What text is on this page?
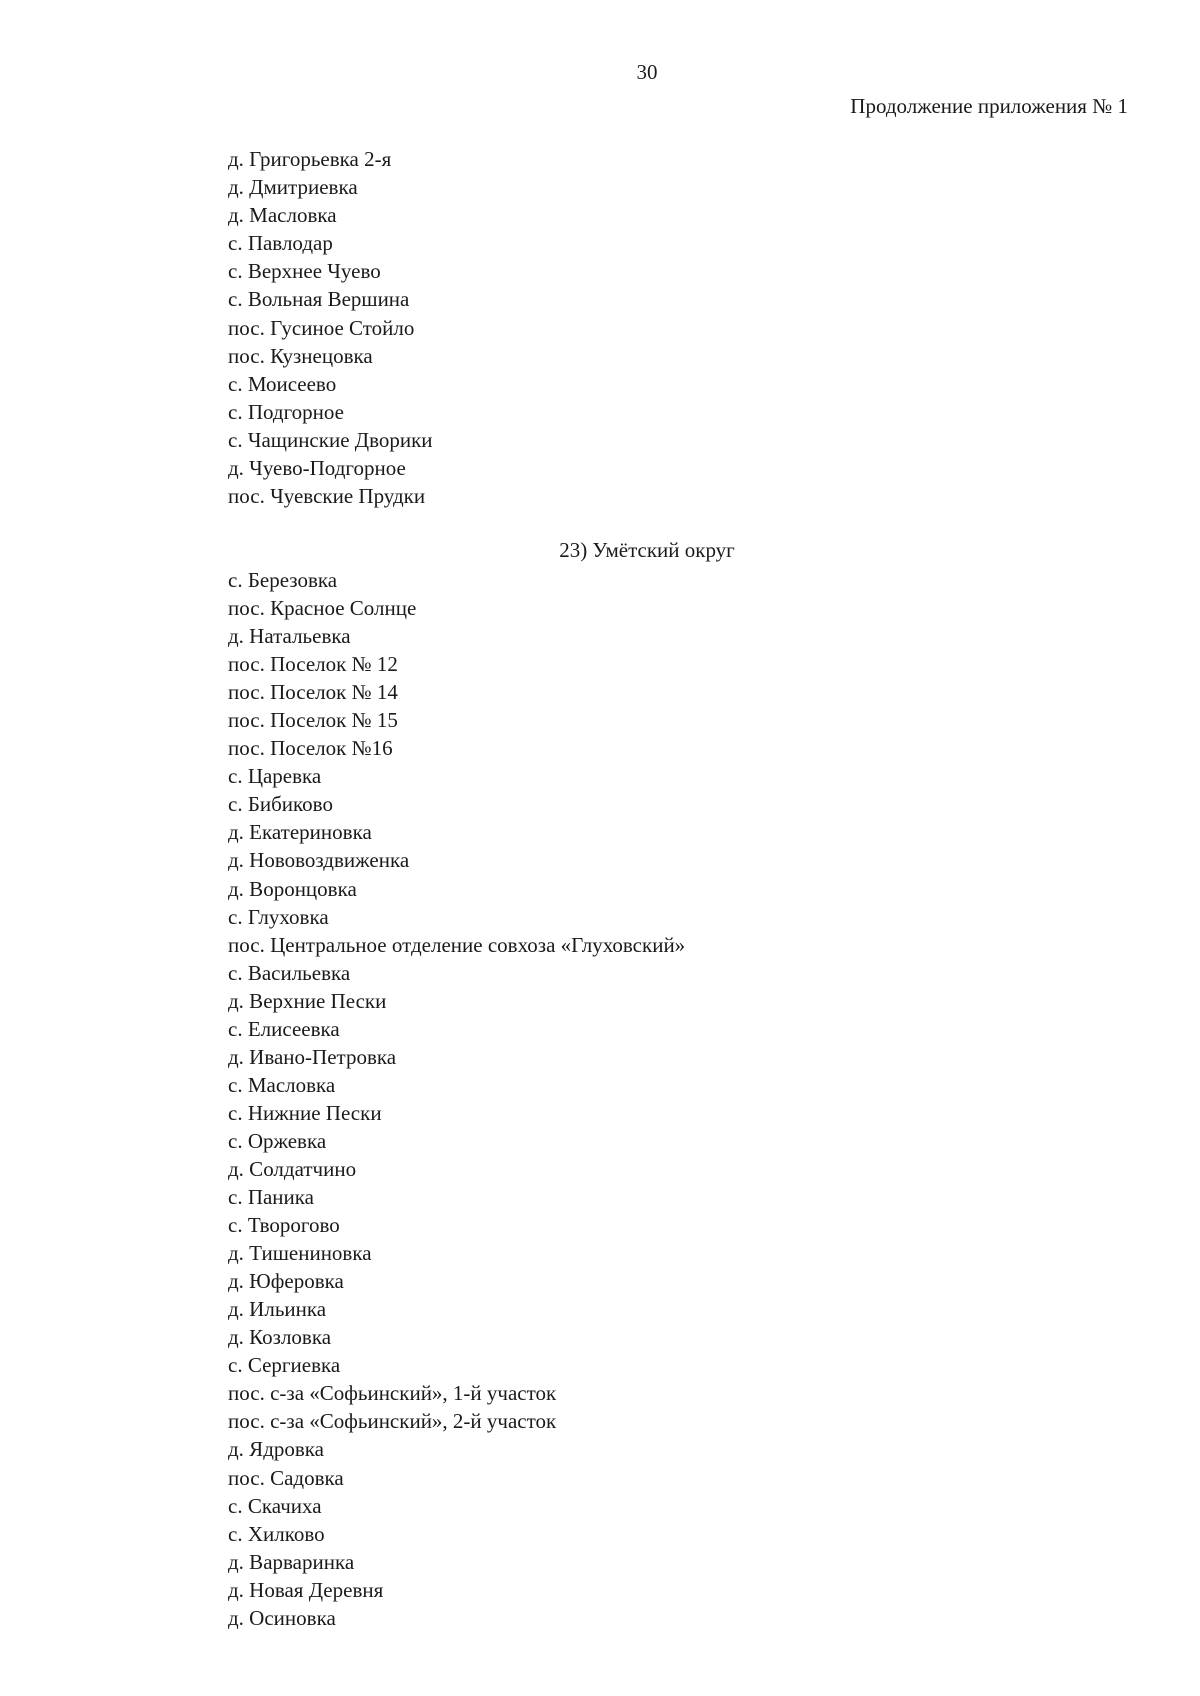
30
Продолжение приложения № 1
д. Григорьевка 2-я
д. Дмитриевка
д. Масловка
с. Павлодар
с. Верхнее Чуево
с. Вольная Вершина
пос. Гусиное Стойло
пос. Кузнецовка
с. Моисеево
с. Подгорное
с. Чащинские Дворики
д. Чуево-Подгорное
пос. Чуевские Прудки
23) Умётский округ
с. Березовка
пос. Красное Солнце
д. Натальевка
пос. Поселок № 12
пос. Поселок № 14
пос. Поселок № 15
пос. Поселок №16
с. Царевка
с. Бибиково
д. Екатериновка
д. Нововоздвиженка
д. Воронцовка
с. Глуховка
пос. Центральное отделение совхоза «Глуховский»
с. Васильевка
д. Верхние Пески
с. Елисеевка
д. Ивано-Петровка
с. Масловка
с. Нижние Пески
с. Оржевка
д. Солдатчино
с. Паника
с. Творогово
д. Тишениновка
д. Юферовка
д. Ильинка
д. Козловка
с. Сергиевка
пос. с-за «Софьинский», 1-й участок
пос. с-за «Софьинский», 2-й участок
д. Ядровка
пос. Садовка
с. Скачиха
с. Хилково
д. Варваринка
д. Новая Деревня
д. Осиновка
